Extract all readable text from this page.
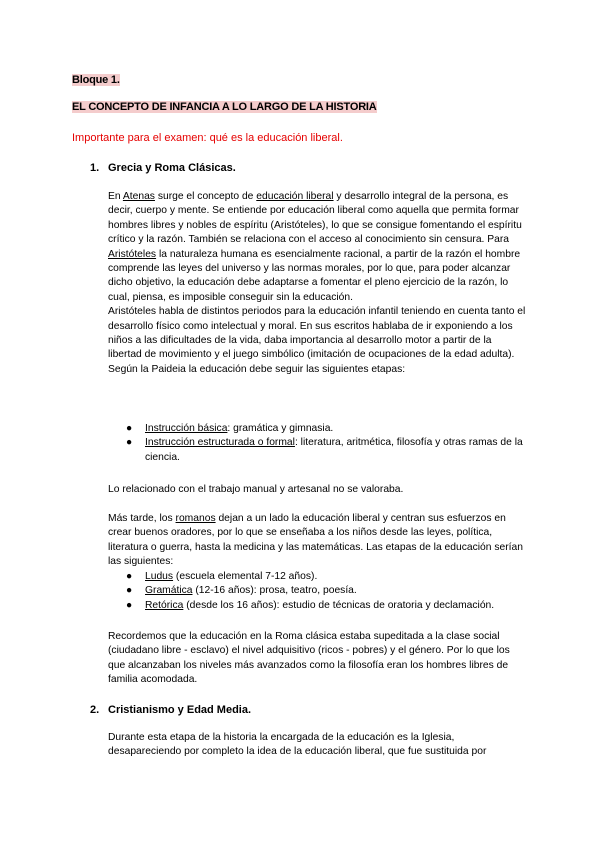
Bloque 1.
EL CONCEPTO DE INFANCIA A LO LARGO DE LA HISTORIA
Importante para el examen: qué es la educación liberal.
1. Grecia y Roma Clásicas.

En Atenas surge el concepto de educación liberal y desarrollo integral de la persona, es decir, cuerpo y mente. Se entiende por educación liberal como aquella que permita formar hombres libres y nobles de espíritu (Aristóteles), lo que se consigue fomentando el espíritu crítico y la razón. También se relaciona con el acceso al conocimiento sin censura. Para Aristóteles la naturaleza humana es esencialmente racional, a partir de la razón el hombre comprende las leyes del universo y las normas morales, por lo que, para poder alcanzar dicho objetivo, la educación debe adaptarse a fomentar el pleno ejercicio de la razón, lo cual, piensa, es imposible conseguir sin la educación.

Aristóteles habla de distintos periodos para la educación infantil teniendo en cuenta tanto el desarrollo físico como intelectual y moral. En sus escritos hablaba de ir exponiendo a los niños a las dificultades de la vida, daba importancia al desarrollo motor a partir de la libertad de movimiento y el juego simbólico (imitación de ocupaciones de la edad adulta).

Según la Paideia la educación debe seguir las siguientes etapas:

● Instrucción básica: gramática y gimnasia.
● Instrucción estructurada o formal: literatura, aritmética, filosofía y otras ramas de la ciencia.
Lo relacionado con el trabajo manual y artesanal no se valoraba.
Más tarde, los romanos dejan a un lado la educación liberal y centran sus esfuerzos en crear buenos oradores, por lo que se enseñaba a los niños desde las leyes, política, literatura o guerra, hasta la medicina y las matemáticas. Las etapas de la educación serían las siguientes:
● Ludus (escuela elemental 7-12 años).
● Gramática (12-16 años): prosa, teatro, poesía.
● Retórica (desde los 16 años): estudio de técnicas de oratoria y declamación.
Recordemos que la educación en la Roma clásica estaba supeditada a la clase social (ciudadano libre - esclavo) el nivel adquisitivo (ricos - pobres) y el género. Por lo que los que alcanzaban los niveles más avanzados como la filosofía eran los hombres libres de familia acomodada.
2. Cristianismo y Edad Media.
Durante esta etapa de la historia la encargada de la educación es la Iglesia, desapareciendo por completo la idea de la educación liberal, que fue sustituida por
